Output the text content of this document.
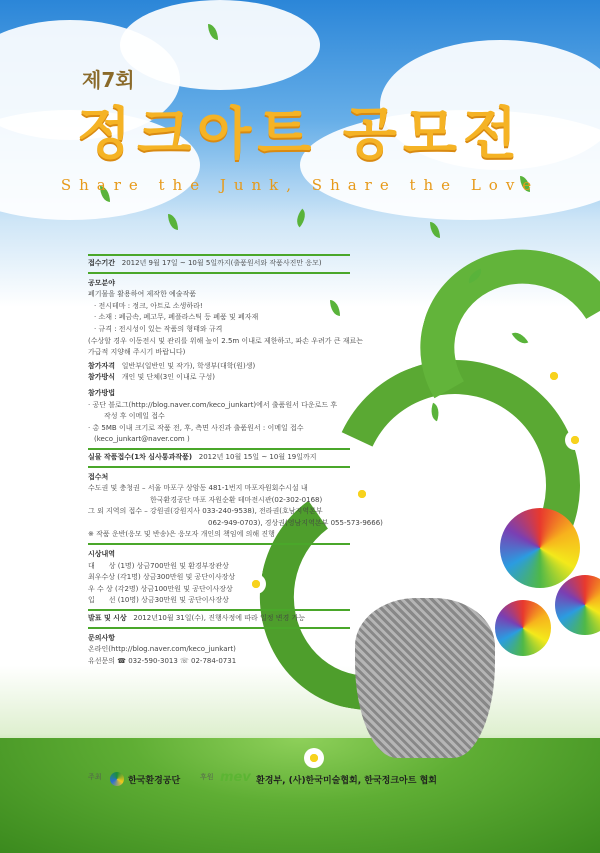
제7회
정크아트 공모전
Share the Junk, Share the Love
접수기간 2012년 9월 17일 ~ 10월 5일까지(출품원서와 작품사진만 응모)
공모분야
폐기물을 활용하여 제작한 예술작품
· 전시테마 : 정크, 아트로 소생하라!
· 소재 : 폐금속, 폐고무, 폐플라스틱 등 폐품 및 폐자재
· 규격 : 전시성이 있는 작품의 형태와 규격
(수상할 경우 이동전시 및 관리를 위해 높이 2.5m 이내로 제한하고, 파손 우려가 큰 재료는
가급적 지양해 주시기 바랍니다)
참가자격 일반부(일반인 및 작가), 학생부(대학(원)생)
참가방식 개인 및 단체(3인 이내로 구성)
참가방법
· 공단 블로그(http://blog.naver.com/keco_junkart)에서 출품원서 다운로드 후
작성 후 이메일 접수
· 총 5MB 이내 크기로 작품 전, 후, 측면 사진과 출품원서 : 이메일 접수
(keco_junkart@naver.com )
실물 작품접수(1차 심사통과작품) 2012년 10월 15일 ~ 10월 19일까지
접수처
수도권 및 충청권 – 서울 마포구 상암동 481-1번지 마포자원회수시설 내
한국환경공단 마포 자원순환 테마전시관(02-302-0168)
그 외 지역의 접수 – 강원권(강원지사 033-240-9538), 전라권(호남지역본부
062-949-0703), 경상권(영남지역본부 055-573-9666)
※ 작품 운반(응모 및 반송)은 응모자 개인의 책임에 의해 진행
시상내역
대　　상 (1명) 상금700만원 및 환경부장관상
최우수상 (각1명) 상금300만원 및 공단이사장상
우 수 상 (각2명) 상금100만원 및 공단이사장상
입　　선 (10명) 상금30만원 및 공단이사장상
발표 및 시상 2012년10월 31일(수), 진행사정에 따라 일정 변경 가능
문의사항
온라인(http://blog.naver.com/keco_junkart)
유선문의 ☎ 032-590-3013 ☏ 02-784-0731
주최	한국환경공단	후원 mev 환경부, (사)한국미술협회, 한국정크아트 협회
